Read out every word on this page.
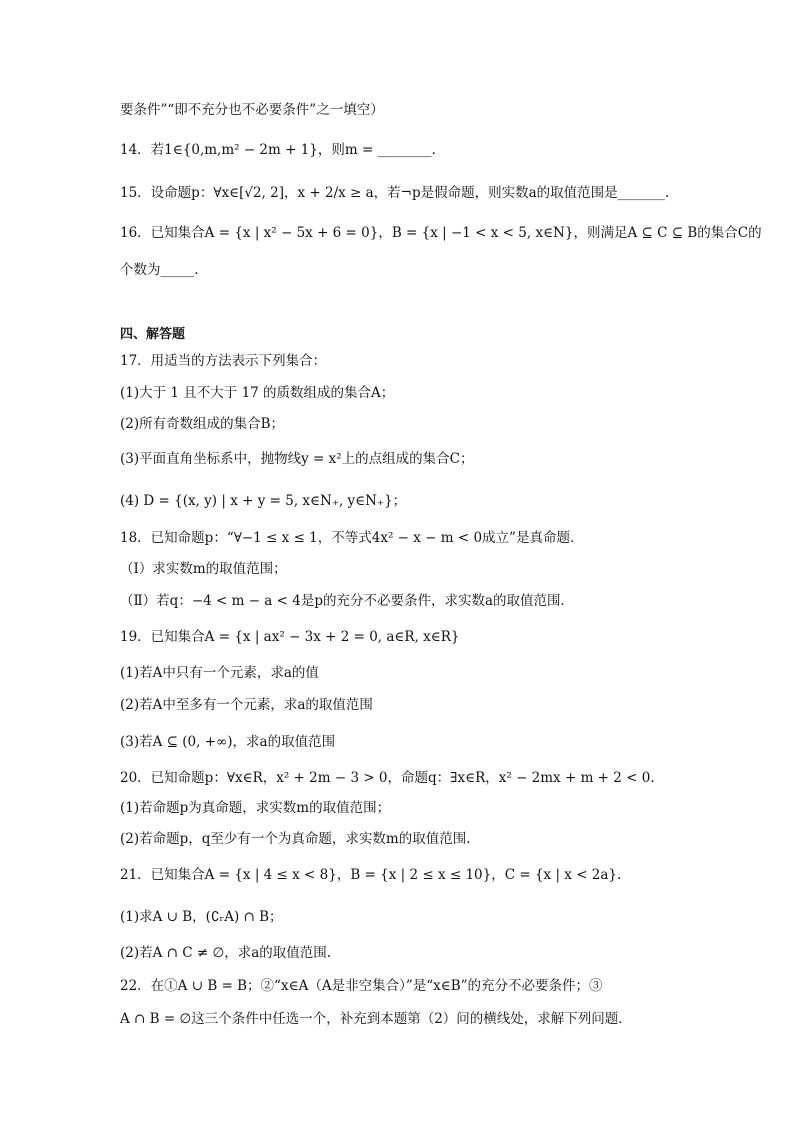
要条件”“即不充分也不必要条件”之一填空）
14．若1∈{0,m,m² − 2m + 1}，则m = ________．
15．设命题p：∀x∈[√2, 2]，x + 2/x ≥ a，若¬p是假命题，则实数a的取值范围是_______.
16．已知集合A = {x | x² − 5x + 6 = 0}，B = {x | −1 < x < 5, x∈N}，则满足A ⊆ C ⊆ B的集合C的
个数为_____.
四、解答题
17．用适当的方法表示下列集合：
(1)大于 1 且不大于 17 的质数组成的集合A；
(2)所有奇数组成的集合B；
(3)平面直角坐标系中，抛物线y = x²上的点组成的集合C；
(4) D = {(x, y) | x + y = 5, x∈N₊, y∈N₊}；
18．已知命题p：“∀−1 ≤ x ≤ 1，不等式4x² − x − m < 0成立”是真命题．
（Ⅰ）求实数m的取值范围；
（Ⅱ）若q：−4 < m − a < 4是p的充分不必要条件，求实数a的取值范围．
19．已知集合A = {x | ax² − 3x + 2 = 0, a∈R, x∈R}
(1)若A中只有一个元素，求a的值
(2)若A中至多有一个元素，求a的取值范围
(3)若A ⊆ (0, +∞)，求a的取值范围
20．已知命题p：∀x∈R，x² + 2m − 3 > 0，命题q：∃x∈R，x² − 2mx + m + 2 < 0.
(1)若命题p为真命题，求实数m的取值范围；
(2)若命题p，q至少有一个为真命题，求实数m的取值范围.
21．已知集合A = {x | 4 ≤ x < 8}，B = {x | 2 ≤ x ≤ 10}，C = {x | x < 2a}.
(1)求A ∪ B，(∁ᵣA) ∩ B；
(2)若A ∩ C ≠ ∅，求a的取值范围.
22．在①A ∪ B = B；②“x∈A（A是非空集合）”是“x∈B”的充分不必要条件；③
A ∩ B = ∅这三个条件中任选一个，补充到本题第（2）问的横线处，求解下列问题．
